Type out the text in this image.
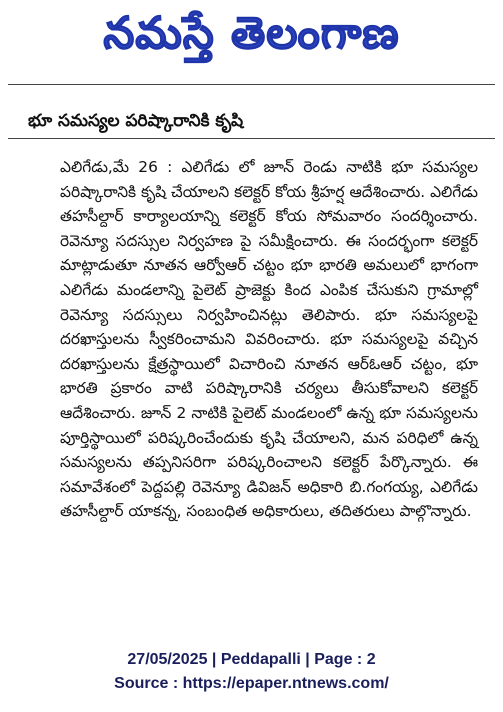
నమస్తే తెలంగాణ
భూ సమస్యల పరిష్కారానికి కృషి

ఎలిగేడు,మే 26 : ఎలిగేడు లో జూన్ రెండు నాటికి భూ సమస్యల పరిష్కారానికి కృషి చేయాలని కలెక్టర్ కోయ శ్రీహర్ష ఆదేశించారు. ఎలిగేడు తహసీల్దార్ కార్యాలయాన్ని కలెక్టర్ కోయ సోమవారం సందర్శించారు. రెవెన్యూ సదస్సుల నిర్వహణ పై సమీక్షించారు. ఈ సందర్భంగా కలెక్టర్ మాట్లాడుతూ నూతన ఆర్వోఆర్ చట్టం భూ భారతి అమలులో భాగంగా ఎలిగేడు మండలాన్ని పైలెట్ ప్రాజెక్టు కింద ఎంపిక చేసుకుని గ్రామాల్లో రెవెన్యూ సదస్సులు నిర్వహించినట్లు తెలిపారు. భూ సమస్యలపై దరఖాస్తులను స్వీకరించామని వివరించారు. భూ సమస్యలపై వచ్చిన దరఖాస్తులను క్షేత్రస్థాయిలో విచారించి నూతన ఆర్ఓఆర్ చట్టం, భూ భారతి ప్రకారం వాటి పరిష్కారానికి చర్యలు తీసుకోవాలని కలెక్టర్ ఆదేశించారు. జూన్ 2 నాటికి పైలెట్ మండలంలో ఉన్న భూ సమస్యలను పూర్తిస్థాయిలో పరిష్కరించేందుకు కృషి చేయాలని, మన పరిధిలో ఉన్న సమస్యలను తప్పనిసరిగా పరిష్కరించాలని కలెక్టర్ పేర్కొన్నారు. ఈ సమావేశంలో పెద్దపల్లి రెవెన్యూ డివిజన్ అధికారి బి.గంగయ్య, ఎలిగేడు తహసీల్దార్ యాకన్న, సంబంధిత అధికారులు, తదితరులు పాల్గొన్నారు.

27/05/2025 | Peddapalli | Page : 2
Source : https://epaper.ntnews.com/
